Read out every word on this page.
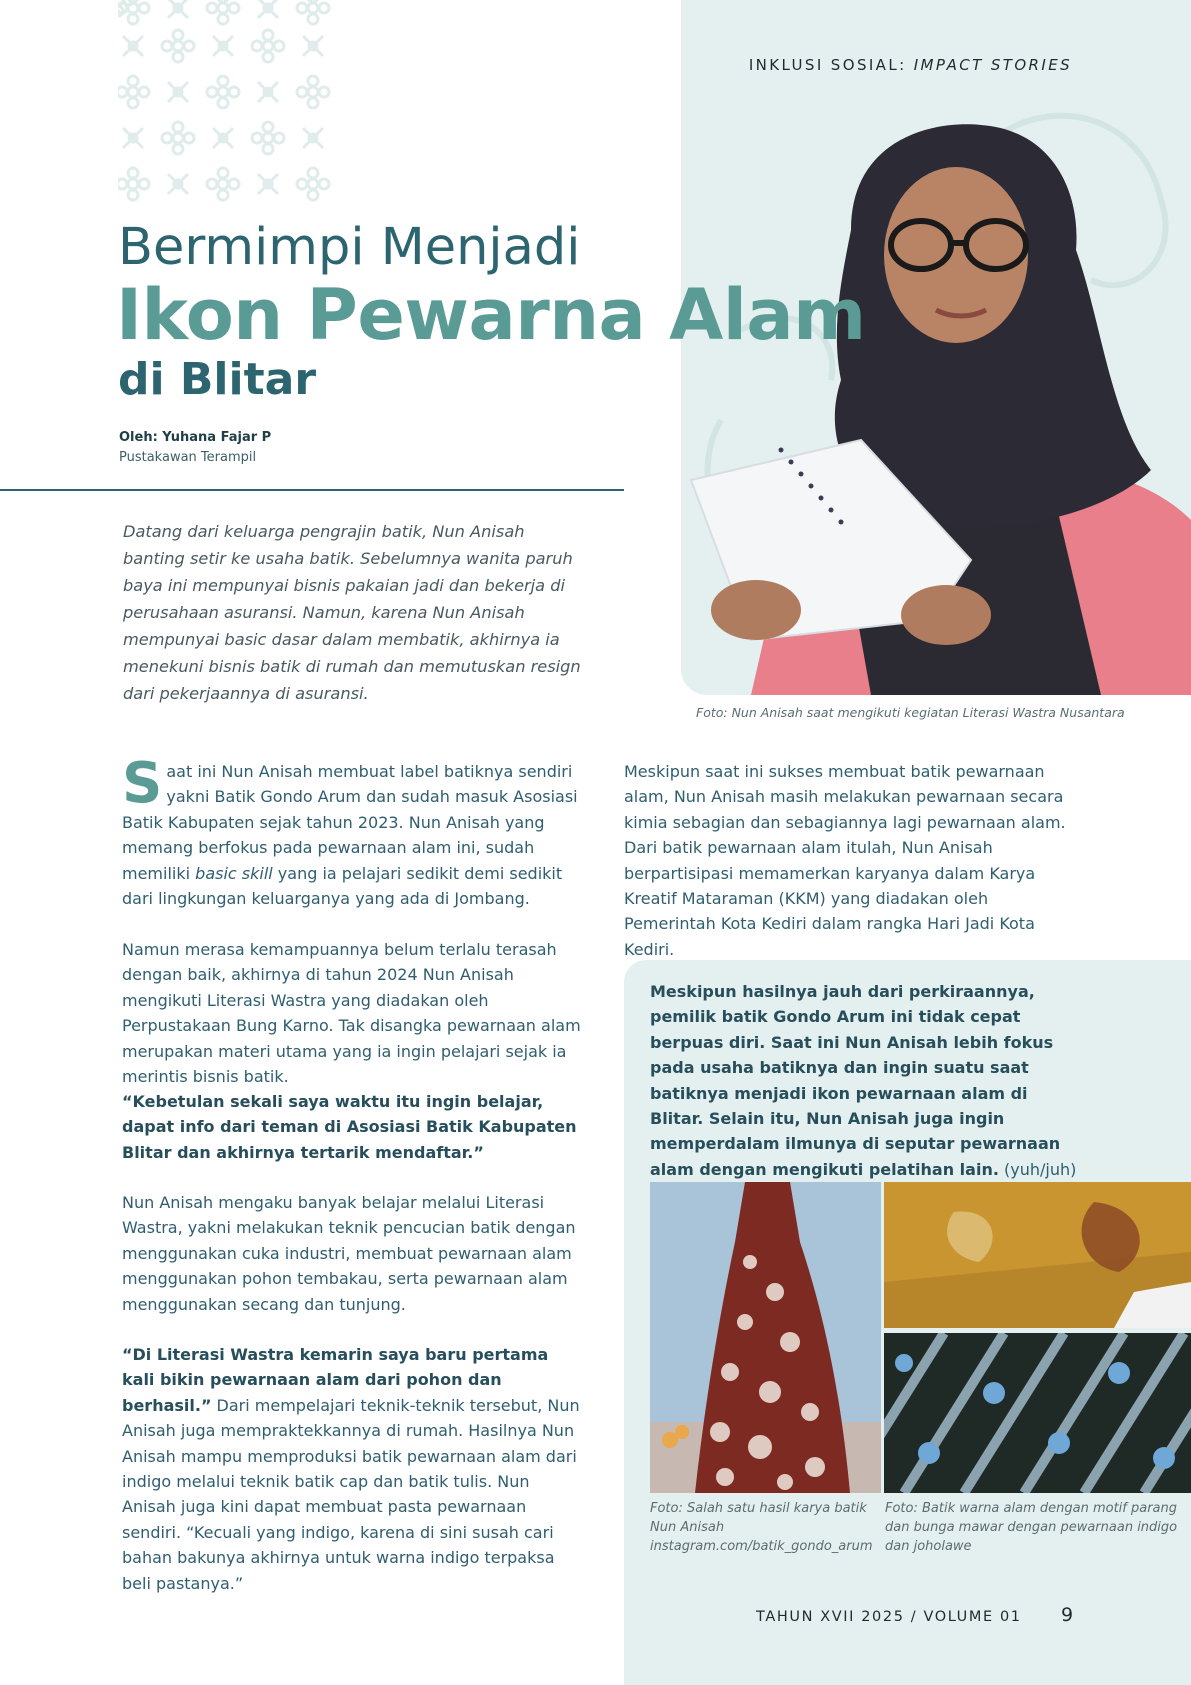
INKLUSI SOSIAL: IMPACT STORIES

Bermimpi Menjadi
Ikon Pewarna Alam
di Blitar

Oleh: Yuhana Fajar P

Pustakawan Terampil

Datang dari keluarga pengrajin batik, Nun Anisah banting setir ke usaha batik. Sebelumnya wanita paruh baya ini mempunyai bisnis pakaian jadi dan bekerja di perusahaan asuransi. Namun, karena Nun Anisah mempunyai basic dasar dalam membatik, akhirnya ia menekuni bisnis batik di rumah dan memutuskan resign dari pekerjaannya di asuransi.

Foto: Nun Anisah saat mengikuti kegiatan Literasi Wastra Nusantara

Saat ini Nun Anisah membuat label batiknya sendiri yakni Batik Gondo Arum dan sudah masuk Asosiasi Batik Kabupaten sejak tahun 2023. Nun Anisah yang memang berfokus pada pewarnaan alam ini, sudah memiliki basic skill yang ia pelajari sedikit demi sedikit dari lingkungan keluarganya yang ada di Jombang.

Namun merasa kemampuannya belum terlalu terasah dengan baik, akhirnya di tahun 2024 Nun Anisah mengikuti Literasi Wastra yang diadakan oleh Perpustakaan Bung Karno. Tak disangka pewarnaan alam merupakan materi utama yang ia ingin pelajari sejak ia merintis bisnis batik.

“Kebetulan sekali saya waktu itu ingin belajar, dapat info dari teman di Asosiasi Batik Kabupaten Blitar dan akhirnya tertarik mendaftar.”

Nun Anisah mengaku banyak belajar melalui Literasi Wastra, yakni melakukan teknik pencucian batik dengan menggunakan cuka industri, membuat pewarnaan alam menggunakan pohon tembakau, serta pewarnaan alam menggunakan secang dan tunjung.

“Di Literasi Wastra kemarin saya baru pertama kali bikin pewarnaan alam dari pohon dan berhasil.” Dari mempelajari teknik-teknik tersebut, Nun Anisah juga mempraktekkannya di rumah. Hasilnya Nun Anisah mampu memproduksi batik pewarnaan alam dari indigo melalui teknik batik cap dan batik tulis. Nun Anisah juga kini dapat membuat pasta pewarnaan sendiri. “Kecuali yang indigo, karena di sini susah cari bahan bakunya akhirnya untuk warna indigo terpaksa beli pastanya.”

Meskipun saat ini sukses membuat batik pewarnaan alam, Nun Anisah masih melakukan pewarnaan secara kimia sebagian dan sebagiannya lagi pewarnaan alam. Dari batik pewarnaan alam itulah, Nun Anisah berpartisipasi memamerkan karyanya dalam Karya Kreatif Mataraman (KKM) yang diadakan oleh Pemerintah Kota Kediri dalam rangka Hari Jadi Kota Kediri.

Meskipun hasilnya jauh dari perkiraannya, pemilik batik Gondo Arum ini tidak cepat berpuas diri. Saat ini Nun Anisah lebih fokus pada usaha batiknya dan ingin suatu saat batiknya menjadi ikon pewarnaan alam di Blitar. Selain itu, Nun Anisah juga ingin memperdalam ilmunya di seputar pewarnaan alam dengan mengikuti pelatihan lain. (yuh/juh)

Foto: Salah satu hasil karya batik Nun Anisah instagram.com/batik_gondo_arum

Foto: Batik warna alam dengan motif parang dan bunga mawar dengan pewarnaan indigo dan joholawe

TAHUN XVII 2025 / VOLUME 01 9
